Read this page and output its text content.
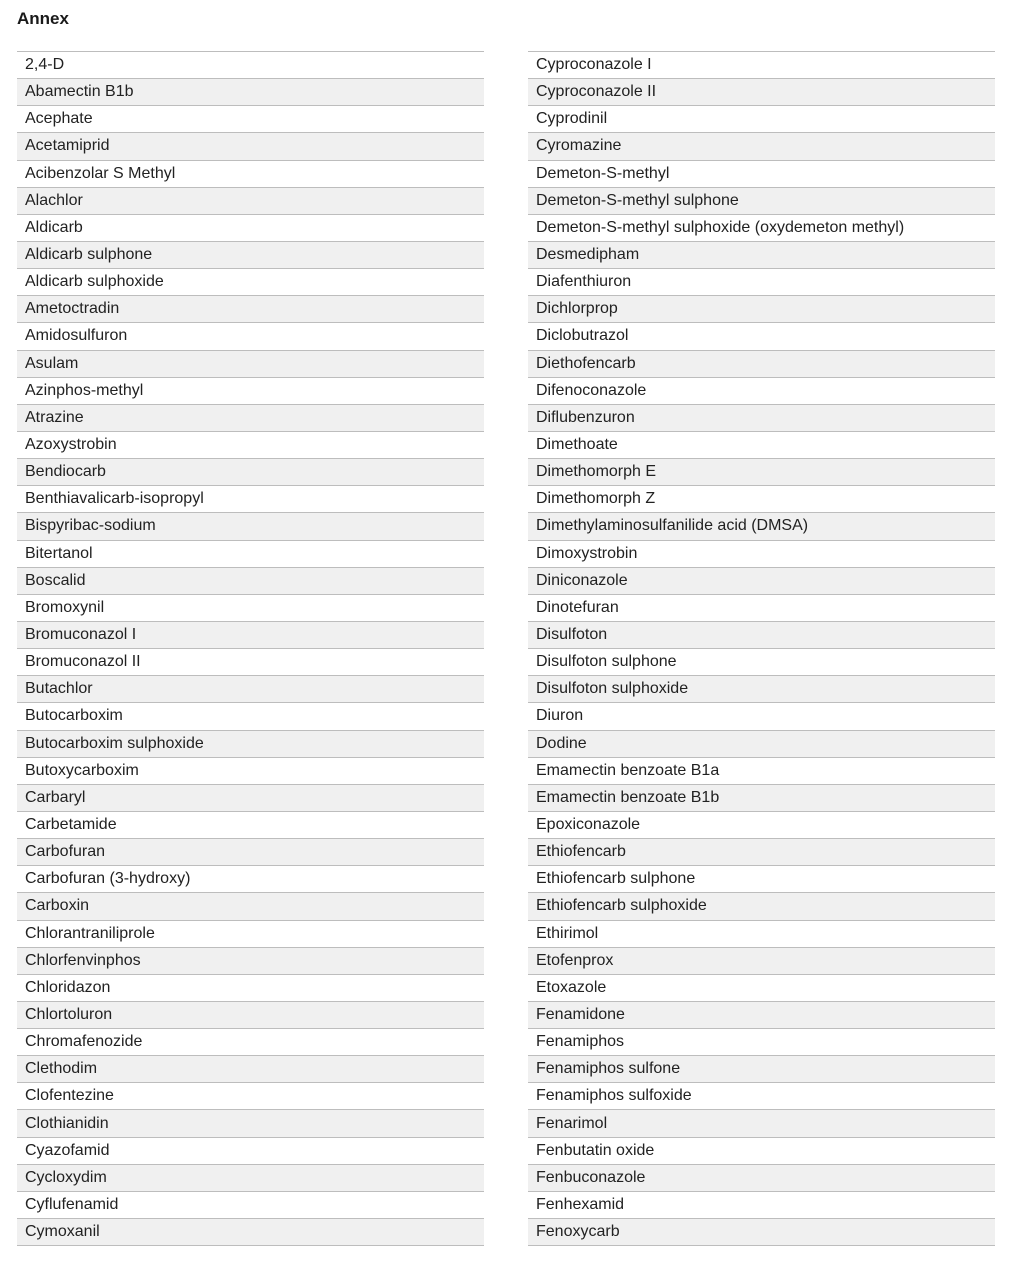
Annex
2,4-D
Abamectin B1b
Acephate
Acetamiprid
Acibenzolar S Methyl
Alachlor
Aldicarb
Aldicarb sulphone
Aldicarb sulphoxide
Ametoctradin
Amidosulfuron
Asulam
Azinphos-methyl
Atrazine
Azoxystrobin
Bendiocarb
Benthiavalicarb-isopropyl
Bispyribac-sodium
Bitertanol
Boscalid
Bromoxynil
Bromuconazol I
Bromuconazol II
Butachlor
Butocarboxim
Butocarboxim sulphoxide
Butoxycarboxim
Carbaryl
Carbetamide
Carbofuran
Carbofuran (3-hydroxy)
Carboxin
Chlorantraniliprole
Chlorfenvinphos
Chloridazon
Chlortoluron
Chromafenozide
Clethodim
Clofentezine
Clothianidin
Cyazofamid
Cycloxydim
Cyflufenamid
Cymoxanil
Cyproconazole I
Cyproconazole II
Cyprodinil
Cyromazine
Demeton-S-methyl
Demeton-S-methyl sulphone
Demeton-S-methyl sulphoxide (oxydemeton methyl)
Desmedipham
Diafenthiuron
Dichlorprop
Diclobutrazol
Diethofencarb
Difenoconazole
Diflubenzuron
Dimethoate
Dimethomorph E
Dimethomorph Z
Dimethylaminosulfanilide acid (DMSA)
Dimoxystrobin
Diniconazole
Dinotefuran
Disulfoton
Disulfoton sulphone
Disulfoton sulphoxide
Diuron
Dodine
Emamectin benzoate B1a
Emamectin benzoate B1b
Epoxiconazole
Ethiofencarb
Ethiofencarb sulphone
Ethiofencarb sulphoxide
Ethirimol
Etofenprox
Etoxazole
Fenamidone
Fenamiphos
Fenamiphos sulfone
Fenamiphos sulfoxide
Fenarimol
Fenbutatin oxide
Fenbuconazole
Fenhexamid
Fenoxycarb
